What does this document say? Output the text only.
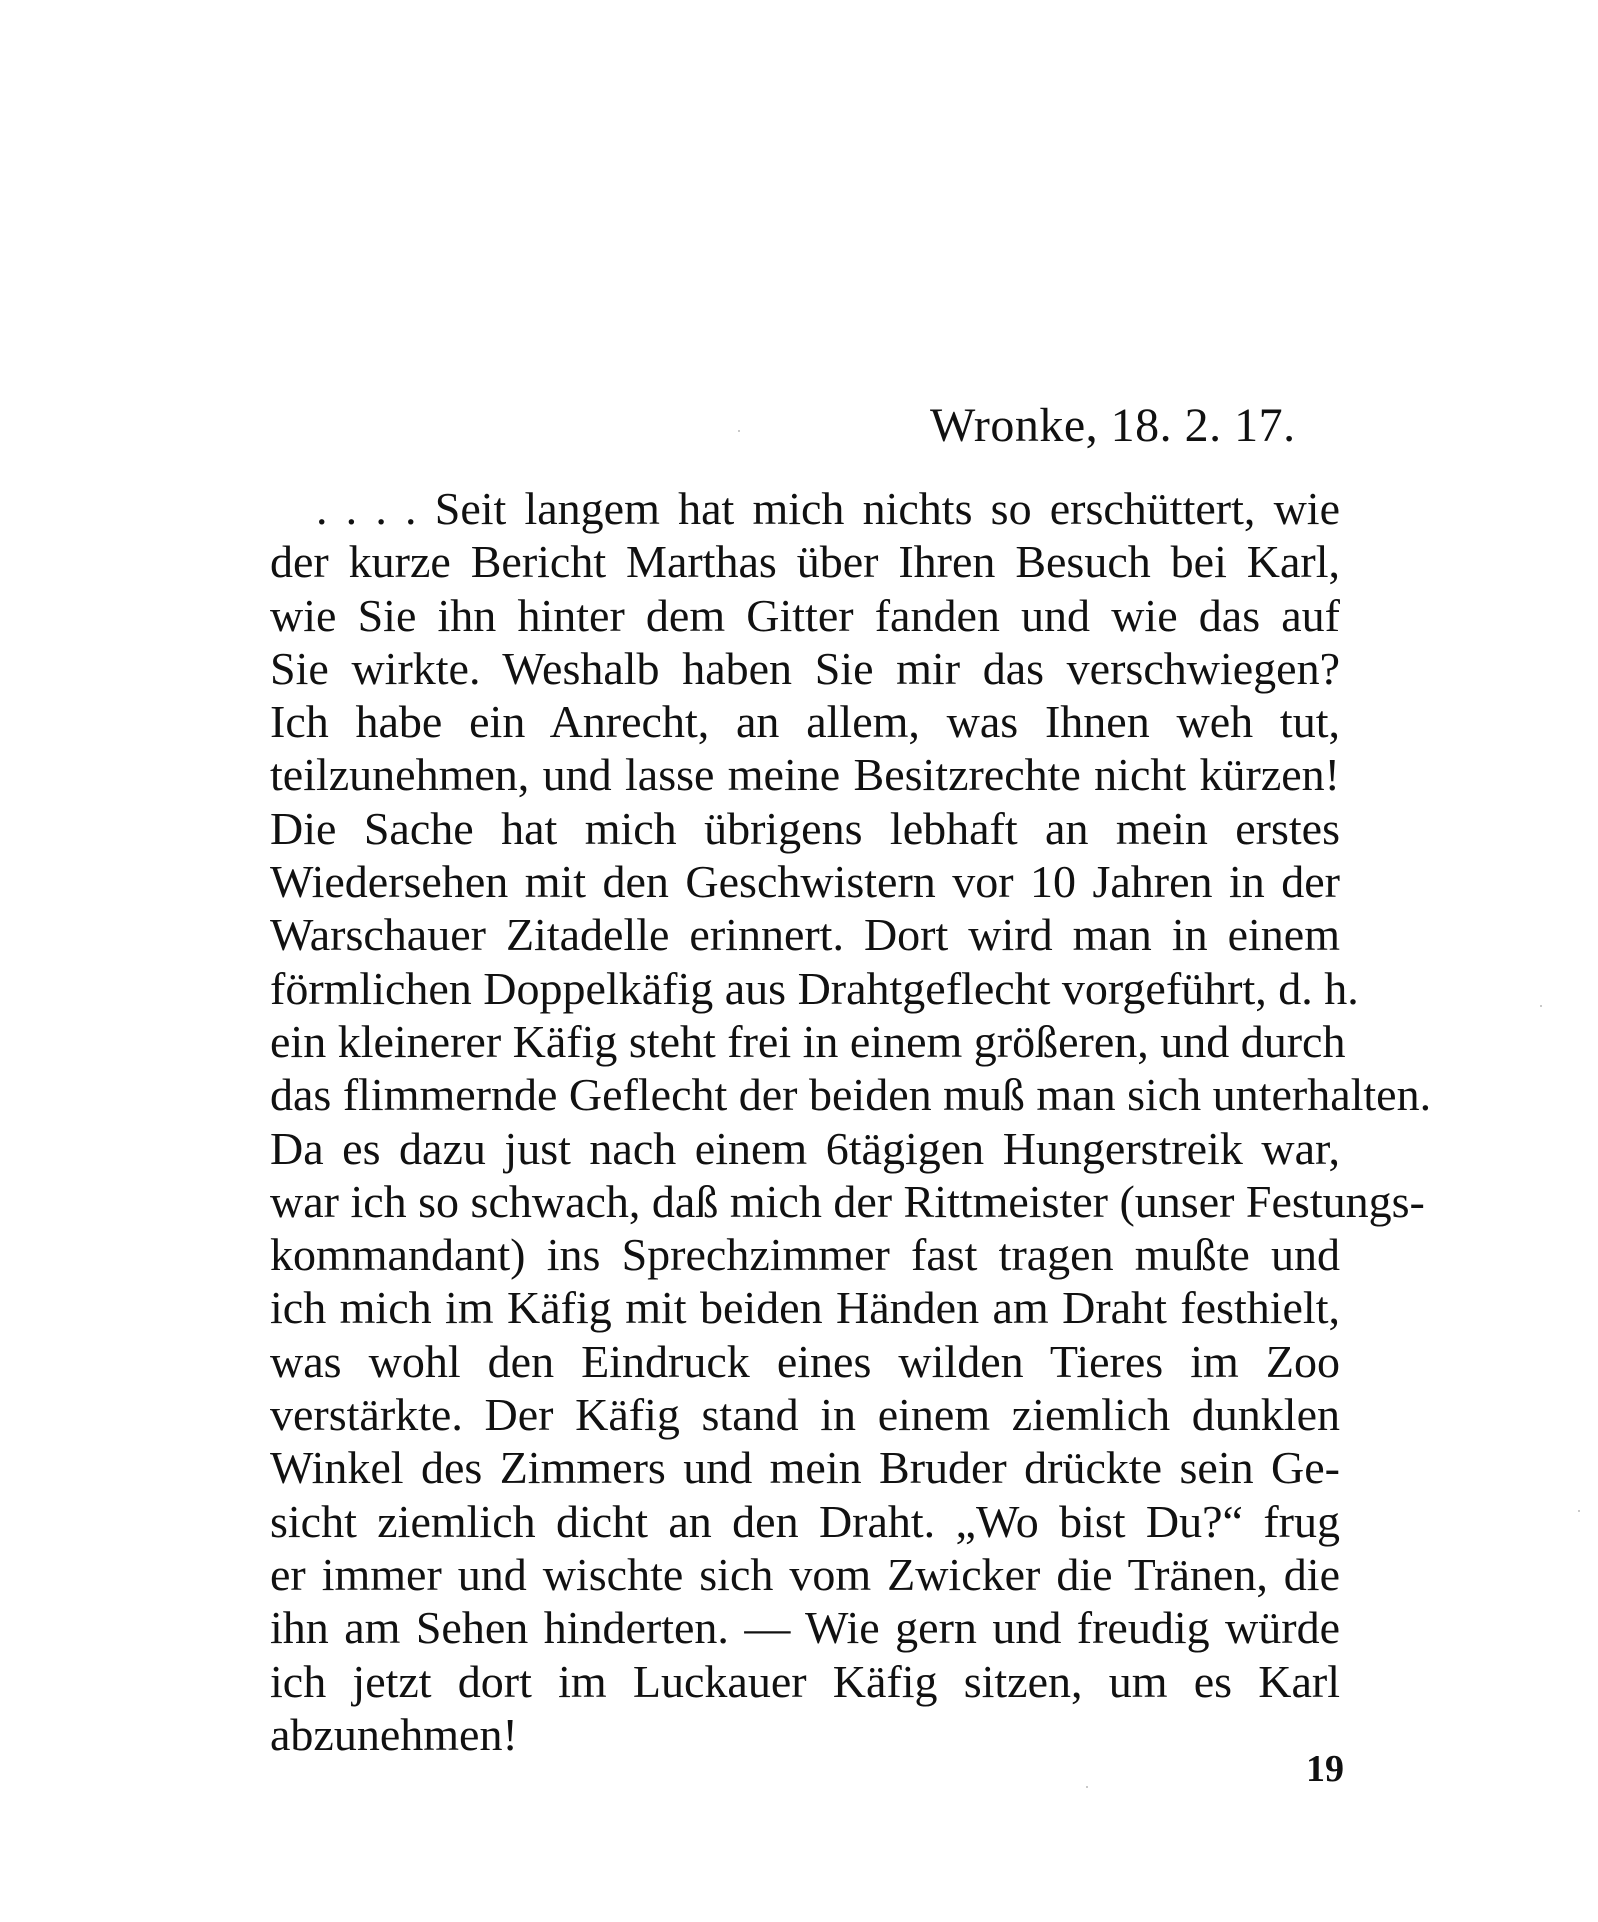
Wronke, 18. 2. 17.
. . . . Seit langem hat mich nichts so erschüttert, wie
der kurze Bericht Marthas über Ihren Besuch bei Karl,
wie Sie ihn hinter dem Gitter fanden und wie das auf
Sie wirkte. Weshalb haben Sie mir das verschwiegen?
Ich habe ein Anrecht, an allem, was Ihnen weh tut,
teilzunehmen, und lasse meine Besitzrechte nicht kürzen!
Die Sache hat mich übrigens lebhaft an mein erstes
Wiedersehen mit den Geschwistern vor 10 Jahren in der
Warschauer Zitadelle erinnert. Dort wird man in einem
förmlichen Doppelkäfig aus Drahtgeflecht vorgeführt, d. h.
ein kleinerer Käfig steht frei in einem größeren, und durch
das flimmernde Geflecht der beiden muß man sich unterhalten.
Da es dazu just nach einem 6tägigen Hungerstreik war,
war ich so schwach, daß mich der Rittmeister (unser Festungs-
kommandant) ins Sprechzimmer fast tragen mußte und
ich mich im Käfig mit beiden Händen am Draht festhielt,
was wohl den Eindruck eines wilden Tieres im Zoo
verstärkte. Der Käfig stand in einem ziemlich dunklen
Winkel des Zimmers und mein Bruder drückte sein Ge-
sicht ziemlich dicht an den Draht. „Wo bist Du?“ frug
er immer und wischte sich vom Zwicker die Tränen, die
ihn am Sehen hinderten. — Wie gern und freudig würde
ich jetzt dort im Luckauer Käfig sitzen, um es Karl
abzunehmen!
19
